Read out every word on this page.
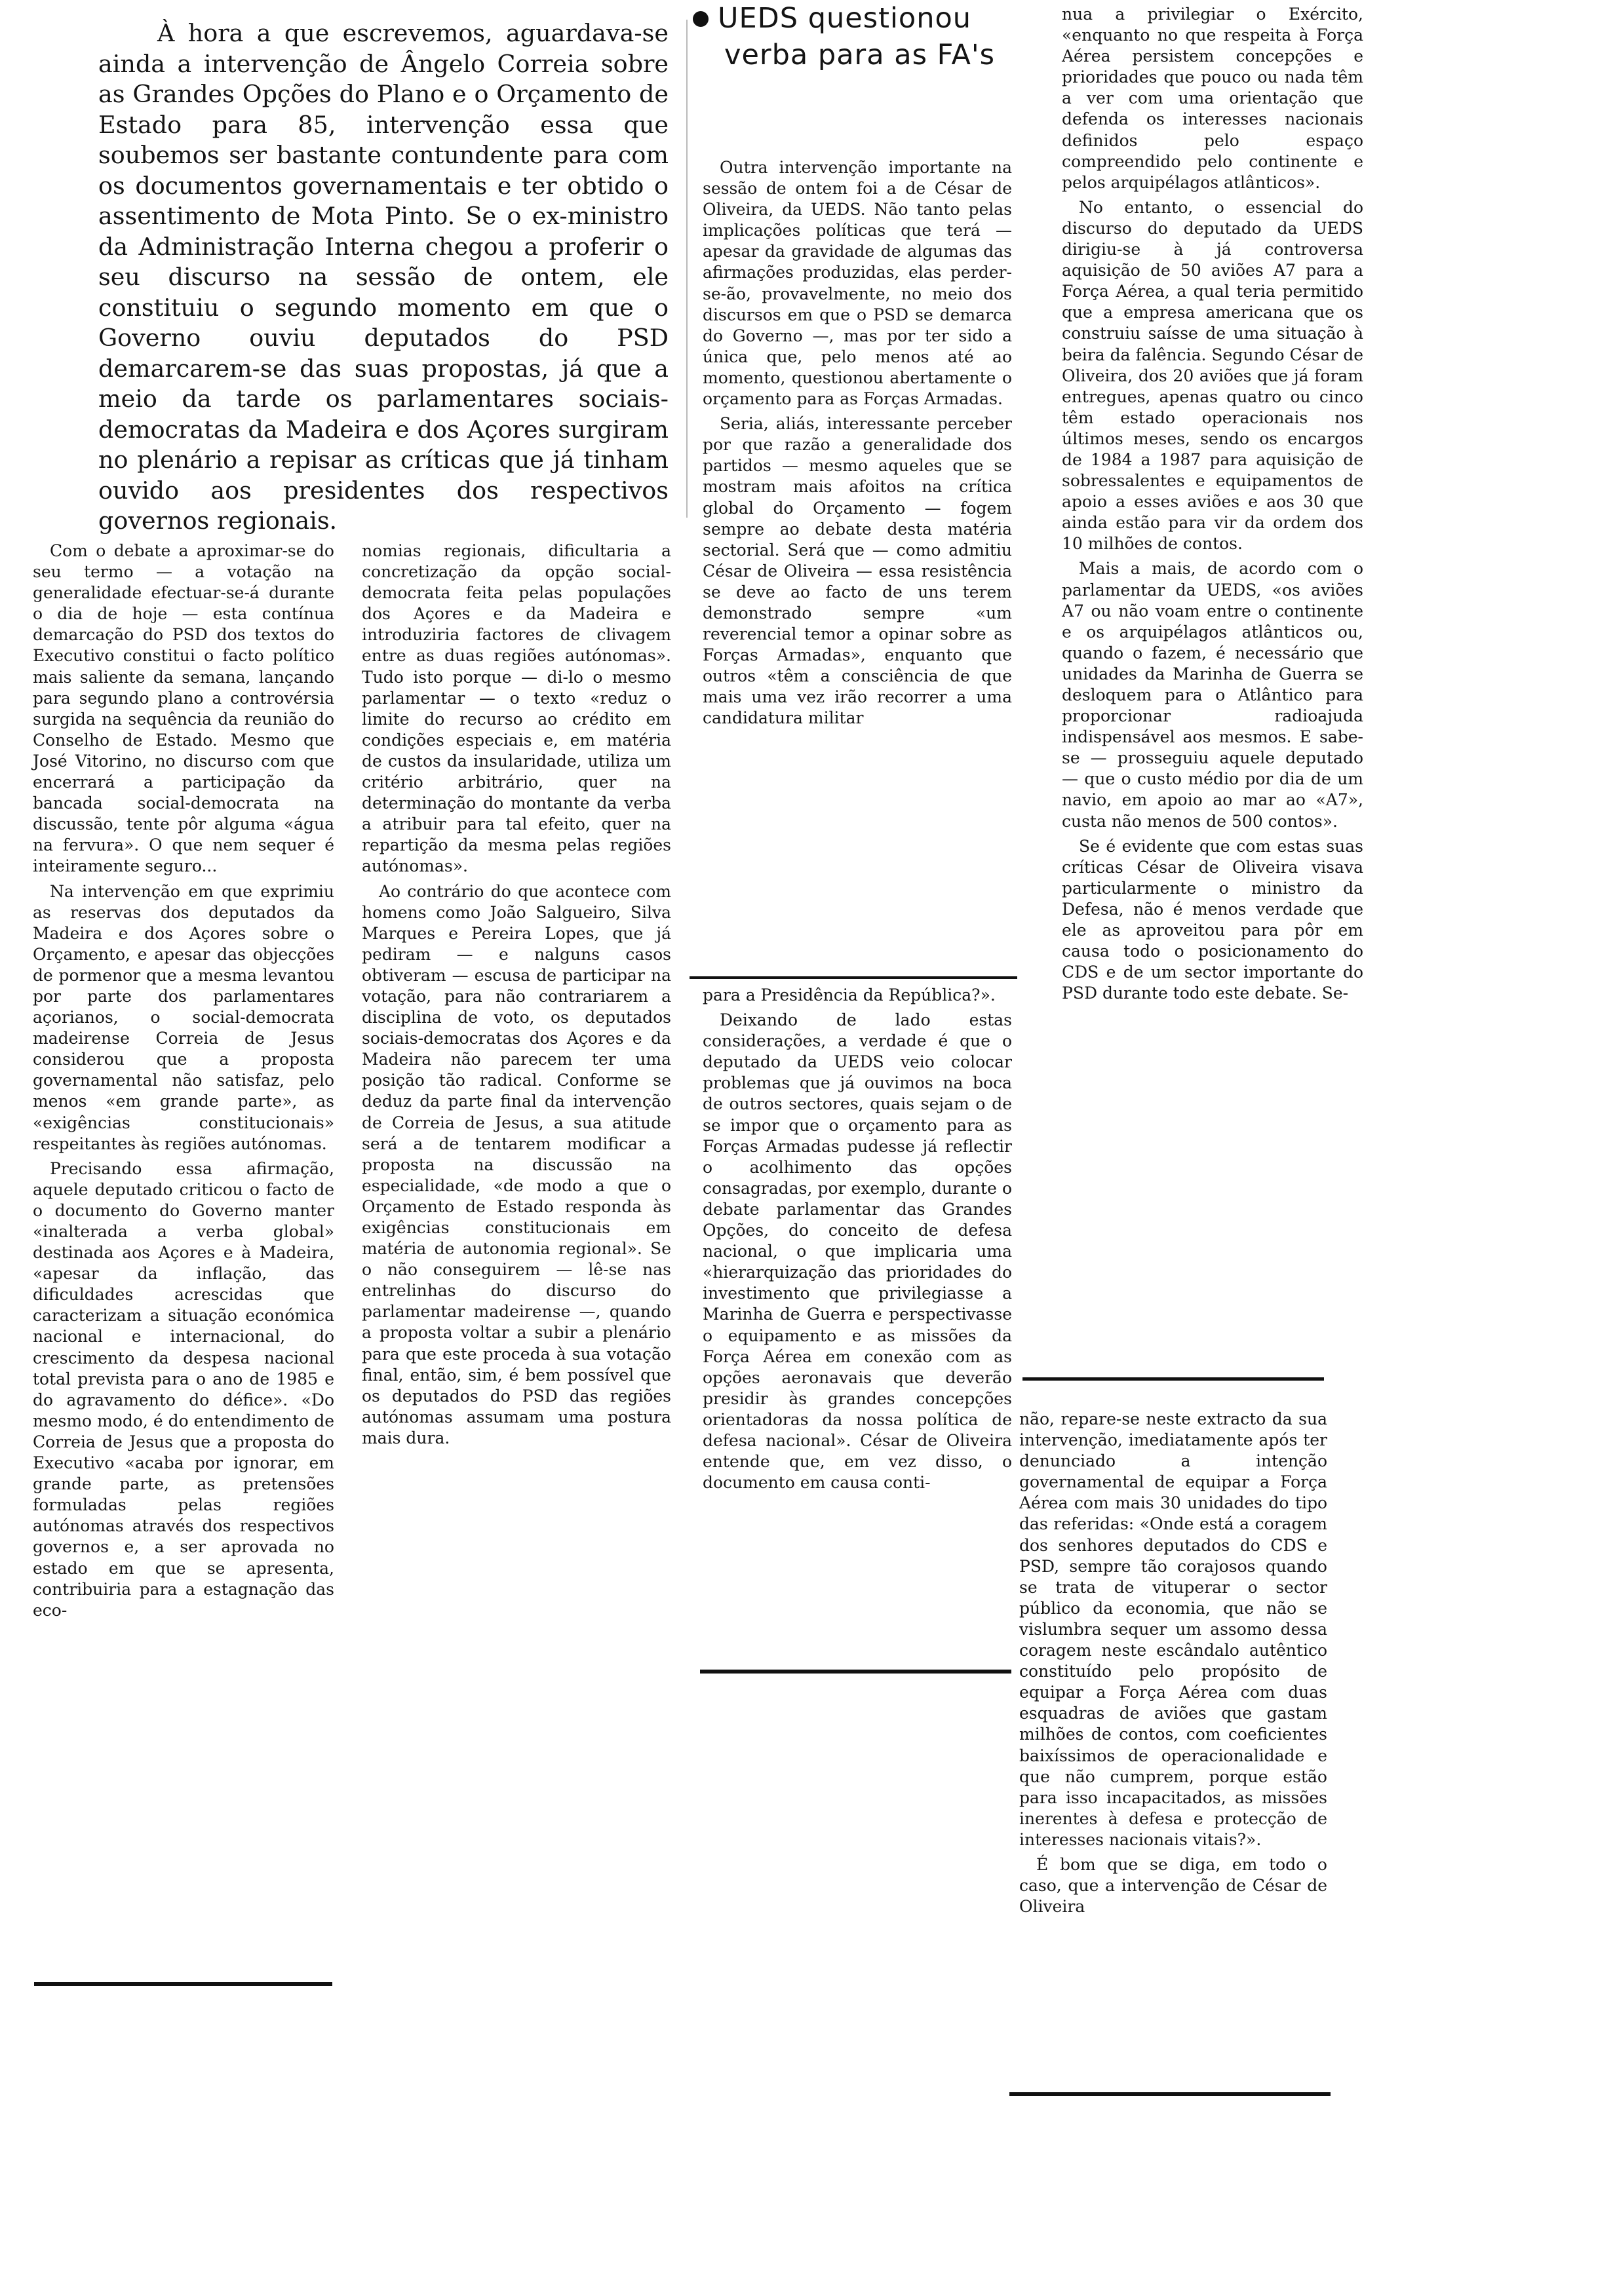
À hora a que escrevemos, aguardava-se ainda a intervenção de Ângelo Correia sobre as Grandes Opções do Plano e o Orçamento de Estado para 85, intervenção essa que soubemos ser bastante contundente para com os documentos governamentais e ter obtido o assentimento de Mota Pinto. Se o ex-ministro da Administração Interna chegou a proferir o seu discurso na sessão de ontem, ele constituiu o segundo momento em que o Governo ouviu deputados do PSD demarcarem-se das suas propostas, já que a meio da tarde os parlamentares sociais-democratas da Madeira e dos Açores surgiram no plenário a repisar as críticas que já tinham ouvido aos presidentes dos respectivos governos regionais.

UEDS questionou verba para as FA's

Com o debate a aproximar-se do seu termo — a votação na generalidade efectuar-se-á durante o dia de hoje — esta contínua demarcação do PSD dos textos do Executivo constitui o facto político mais saliente da semana, lançando para segundo plano a controvérsia surgida na sequência da reunião do Conselho de Estado. Mesmo que José Vitorino, no discurso com que encerrará a participação da bancada social-democrata na discussão, tente pôr alguma «água na fervura». O que nem sequer é inteiramente seguro...

Na intervenção em que exprimiu as reservas dos deputados da Madeira e dos Açores sobre o Orçamento, e apesar das objecções de pormenor que a mesma levantou por parte dos parlamentares açorianos, o social-democrata madeirense Correia de Jesus considerou que a proposta governamental não satisfaz, pelo menos «em grande parte», as «exigências constitucionais» respeitantes às regiões autónomas.

Precisando essa afirmação, aquele deputado criticou o facto de o documento do Governo manter «inalterada a verba global» destinada aos Açores e à Madeira, «apesar da inflação, das dificuldades acrescidas que caracterizam a situação económica nacional e internacional, do crescimento da despesa nacional total prevista para o ano de 1985 e do agravamento do défice». «Do mesmo modo, é do entendimento de Correia de Jesus que a proposta do Executivo «acaba por ignorar, em grande parte, as pretensões formuladas pelas regiões autónomas através dos respectivos governos e, a ser aprovada no estado em que se apresenta, contribuiria para a estagnação das eco-

nomias regionais, dificultaria a concretização da opção social-democrata feita pelas populações dos Açores e da Madeira e introduziria factores de clivagem entre as duas regiões autónomas». Tudo isto porque — di-lo o mesmo parlamentar — o texto «reduz o limite do recurso ao crédito em condições especiais e, em matéria de custos da insularidade, utiliza um critério arbitrário, quer na determinação do montante da verba a atribuir para tal efeito, quer na repartição da mesma pelas regiões autónomas».

Ao contrário do que acontece com homens como João Salgueiro, Silva Marques e Pereira Lopes, que já pediram — e nalguns casos obtiveram — escusa de participar na votação, para não contrariarem a disciplina de voto, os deputados sociais-democratas dos Açores e da Madeira não parecem ter uma posição tão radical. Conforme se deduz da parte final da intervenção de Correia de Jesus, a sua atitude será a de tentarem modificar a proposta na discussão na especialidade, «de modo a que o Orçamento de Estado responda às exigências constitucionais em matéria de autonomia regional». Se o não conseguirem — lê-se nas entrelinhas do discurso do parlamentar madeirense —, quando a proposta voltar a subir a plenário para que este proceda à sua votação final, então, sim, é bem possível que os deputados do PSD das regiões autónomas assumam uma postura mais dura.

Outra intervenção importante na sessão de ontem foi a de César de Oliveira, da UEDS. Não tanto pelas implicações políticas que terá — apesar da gravidade de algumas das afirmações produzidas, elas perder-se-ão, provavelmente, no meio dos discursos em que o PSD se demarca do Governo —, mas por ter sido a única que, pelo menos até ao momento, questionou abertamente o orçamento para as Forças Armadas.

Seria, aliás, interessante perceber por que razão a generalidade dos partidos — mesmo aqueles que se mostram mais afoitos na crítica global do Orçamento — fogem sempre ao debate desta matéria sectorial. Será que — como admitiu César de Oliveira — essa resistência se deve ao facto de uns terem demonstrado sempre «um reverencial temor a opinar sobre as Forças Armadas», enquanto que outros «têm a consciência de que mais uma vez irão recorrer a uma candidatura militar

para a Presidência da República?».

Deixando de lado estas considerações, a verdade é que o deputado da UEDS veio colocar problemas que já ouvimos na boca de outros sectores, quais sejam o de se impor que o orçamento para as Forças Armadas pudesse já reflectir o acolhimento das opções consagradas, por exemplo, durante o debate parlamentar das Grandes Opções, do conceito de defesa nacional, o que implicaria uma «hierarquização das prioridades do investimento que privilegiasse a Marinha de Guerra e perspectivasse o equipamento e as missões da Força Aérea em conexão com as opções aeronavais que deverão presidir às grandes concepções orientadoras da nossa política de defesa nacional». César de Oliveira entende que, em vez disso, o documento em causa conti-

nua a privilegiar o Exército, «enquanto no que respeita à Força Aérea persistem concepções e prioridades que pouco ou nada têm a ver com uma orientação que defenda os interesses nacionais definidos pelo espaço compreendido pelo continente e pelos arquipélagos atlânticos».

No entanto, o essencial do discurso do deputado da UEDS dirigiu-se à já controversa aquisição de 50 aviões A7 para a Força Aérea, a qual teria permitido que a empresa americana que os construiu saísse de uma situação à beira da falência. Segundo César de Oliveira, dos 20 aviões que já foram entregues, apenas quatro ou cinco têm estado operacionais nos últimos meses, sendo os encargos de 1984 a 1987 para aquisição de sobressalentes e equipamentos de apoio a esses aviões e aos 30 que ainda estão para vir da ordem dos 10 milhões de contos.

Mais a mais, de acordo com o parlamentar da UEDS, «os aviões A7 ou não voam entre o continente e os arquipélagos atlânticos ou, quando o fazem, é necessário que unidades da Marinha de Guerra se desloquem para o Atlântico para proporcionar radioajuda indispensável aos mesmos. E sabe-se — prosseguiu aquele deputado — que o custo médio por dia de um navio, em apoio ao mar ao «A7», custa não menos de 500 contos».

Se é evidente que com estas suas críticas César de Oliveira visava particularmente o ministro da Defesa, não é menos verdade que ele as aproveitou para pôr em causa todo o posicionamento do CDS e de um sector importante do PSD durante todo este debate. Se-

não, repare-se neste extracto da sua intervenção, imediatamente após ter denunciado a intenção governamental de equipar a Força Aérea com mais 30 unidades do tipo das referidas: «Onde está a coragem dos senhores deputados do CDS e PSD, sempre tão corajosos quando se trata de vituperar o sector público da economia, que não se vislumbra sequer um assomo dessa coragem neste escândalo autêntico constituído pelo propósito de equipar a Força Aérea com duas esquadras de aviões que gastam milhões de contos, com coeficientes baixíssimos de operacionalidade e que não cumprem, porque estão para isso incapacitados, as missões inerentes à defesa e protecção de interesses nacionais vitais?».

É bom que se diga, em todo o caso, que a intervenção de César de Oliveira
